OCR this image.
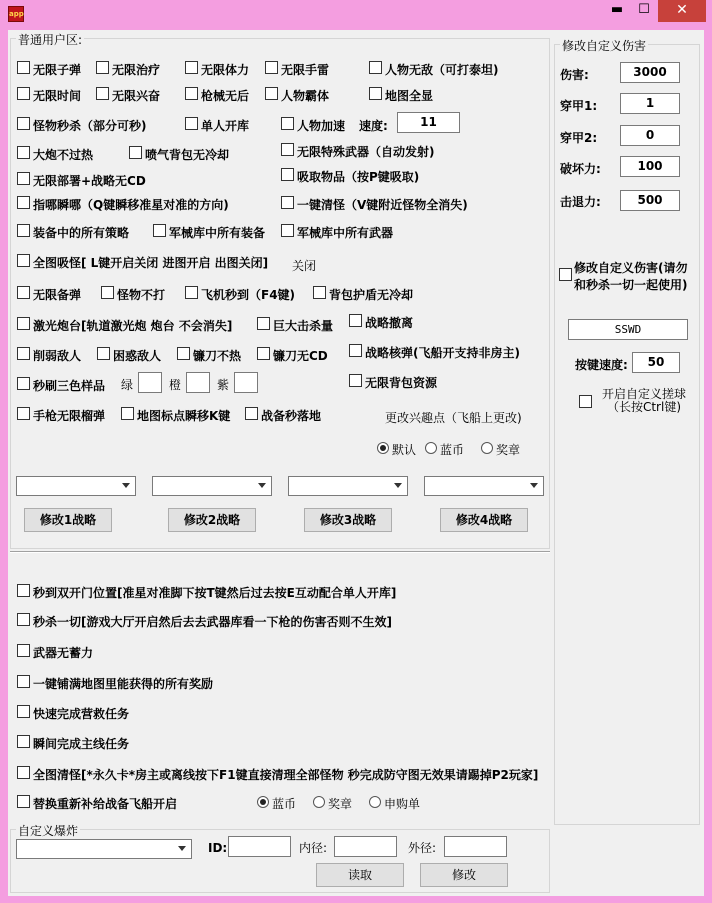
app	▬	☐	✕
普通用户区:
无限子弹	无限治疗	无限体力	无限手雷	人物无敌（可打泰坦)
无限时间	无限兴奋	枪械无后	人物霸体	地图全显
怪物秒杀（部分可秒)	单人开库	人物加速 速度:	11
大炮不过热	喷气背包无冷却	无限特殊武器（自动发射)
无限部署+战略无CD	吸取物品（按P键吸取)
指哪瞬哪（Q键瞬移准星对准的方向)	一键清怪（V键附近怪物全消失)
装备中的所有策略	军械库中所有装备	军械库中所有武器
全图吸怪[ L键开启关闭 进图开启 出图关闭] 关闭
无限备弹	怪物不打	飞机秒到（F4键)	背包护盾无冷却
激光炮台[轨道激光炮 炮台 不会消失]	巨大击杀量	战略撤离
削弱敌人	困惑敌人	镰刀不热	镰刀无CD	战略核弹(飞船开支持非房主)
秒刷三色样品 绿	橙	紫	无限背包资源
手枪无限榴弹	地图标点瞬移K键	战备秒落地	更改兴趣点（飞船上更改)
默认 蓝币	奖章
修改1战略	修改2战略	修改3战略	修改4战略
秒到双开门位置[准星对准脚下按T键然后过去按E互动配合单人开库]
秒杀一切[游戏大厅开启然后去去武器库看一下枪的伤害否则不生效]
武器无蓄力
一键铺满地图里能获得的所有奖励
快速完成营救任务
瞬间完成主线任务
全图清怪[*永久卡*房主或离线按下F1键直接清理全部怪物 秒完成防守图无效果请踢掉P2玩家]
替换重新补给战备飞船开启	蓝币	奖章	申购单
自定义爆炸
ID:	内径:	外径:
读取	修改
修改自定义伤害
伤害:	3000
穿甲1:	1
穿甲2:	0
破坏力:	100
击退力:	500
修改自定义伤害(请勿和秒杀一切一起使用)
SSWD
按键速度:	50
开启自定义搓球（长按Ctrl键)
